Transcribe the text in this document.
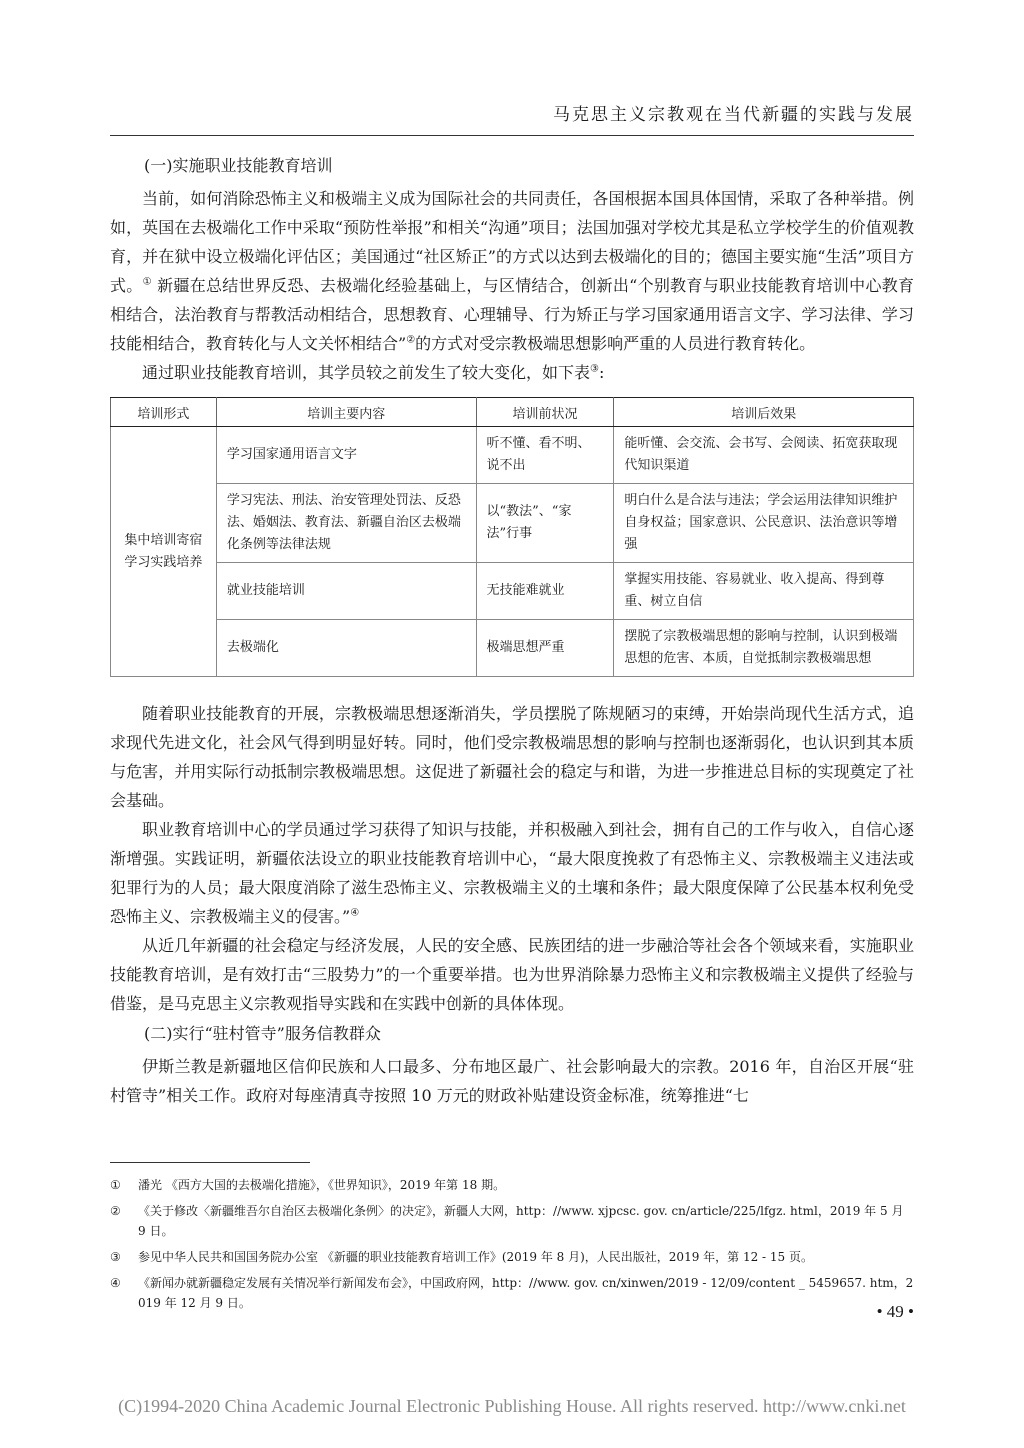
马克思主义宗教观在当代新疆的实践与发展
(一)实施职业技能教育培训

当前，如何消除恐怖主义和极端主义成为国际社会的共同责任，各国根据本国具体国情，采取了各种举措。例如，英国在去极端化工作中采取“预防性举报”和相关“沟通”项目；法国加强对学校尤其是私立学校学生的价值观教育，并在狱中设立极端化评估区；美国通过“社区矫正”的方式以达到去极端化的目的；德国主要实施“生活”项目方式。① 新疆在总结世界反恐、去极端化经验基础上，与区情结合，创新出“个别教育与职业技能教育培训中心教育相结合，法治教育与帮教活动相结合，思想教育、心理辅导、行为矫正与学习国家通用语言文字、学习法律、学习技能相结合，教育转化与人文关怀相结合”②的方式对受宗教极端思想影响严重的人员进行教育转化。

通过职业技能教育培训，其学员较之前发生了较大变化，如下表③:

培训形式	培训主要内容	培训前状况	培训后效果
集中培训寄宿学习实践培养	学习国家通用语言文字	听不懂、看不明、说不出	能听懂、会交流、会书写、会阅读、拓宽获取现代知识渠道
	学习宪法、刑法、治安管理处罚法、反恐法、婚姻法、教育法、新疆自治区去极端化条例等法律法规	以“教法”、“家法”行事	明白什么是合法与违法；学会运用法律知识维护自身权益；国家意识、公民意识、法治意识等增强
	就业技能培训	无技能难就业	掌握实用技能、容易就业、收入提高、得到尊重、树立自信
	去极端化	极端思想严重	摆脱了宗教极端思想的影响与控制，认识到极端思想的危害、本质，自觉抵制宗教极端思想

随着职业技能教育的开展，宗教极端思想逐渐消失，学员摆脱了陈规陋习的束缚，开始崇尚现代生活方式，追求现代先进文化，社会风气得到明显好转。同时，他们受宗教极端思想的影响与控制也逐渐弱化，也认识到其本质与危害，并用实际行动抵制宗教极端思想。这促进了新疆社会的稳定与和谐，为进一步推进总目标的实现奠定了社会基础。

职业教育培训中心的学员通过学习获得了知识与技能，并积极融入到社会，拥有自己的工作与收入，自信心逐渐增强。实践证明，新疆依法设立的职业技能教育培训中心，“最大限度挽救了有恐怖主义、宗教极端主义违法或犯罪行为的人员；最大限度消除了滋生恐怖主义、宗教极端主义的土壤和条件；最大限度保障了公民基本权利免受恐怖主义、宗教极端主义的侵害。”④

从近几年新疆的社会稳定与经济发展，人民的安全感、民族团结的进一步融洽等社会各个领域来看，实施职业技能教育培训，是有效打击“三股势力”的一个重要举措。也为世界消除暴力恐怖主义和宗教极端主义提供了经验与借鉴，是马克思主义宗教观指导实践和在实践中创新的具体体现。

(二)实行“驻村管寺”服务信教群众

伊斯兰教是新疆地区信仰民族和人口最多、分布地区最广、社会影响最大的宗教。2016 年，自治区开展“驻村管寺”相关工作。政府对每座清真寺按照 10 万元的财政补贴建设资金标准，统筹推进“七

①	潘光 《西方大国的去极端化措施》，《世界知识》，2019 年第 18 期。
②	《关于修改〈新疆维吾尔自治区去极端化条例〉的决定》，新疆人大网，http：//www. xjpcsc. gov. cn/article/225/lfgz. html，2019 年 5 月 9 日。
③	参见中华人民共和国国务院办公室 《新疆的职业技能教育培训工作》(2019 年 8 月)，人民出版社，2019 年，第 12 - 15 页。
④	《新闻办就新疆稳定发展有关情况举行新闻发布会》，中国政府网，http：//www. gov. cn/xinwen/2019 - 12/09/content _ 5459657. htm，2019 年 12 月 9 日。	• 49 •
(C)1994-2020 China Academic Journal Electronic Publishing House. All rights reserved. http://www.cnki.net
